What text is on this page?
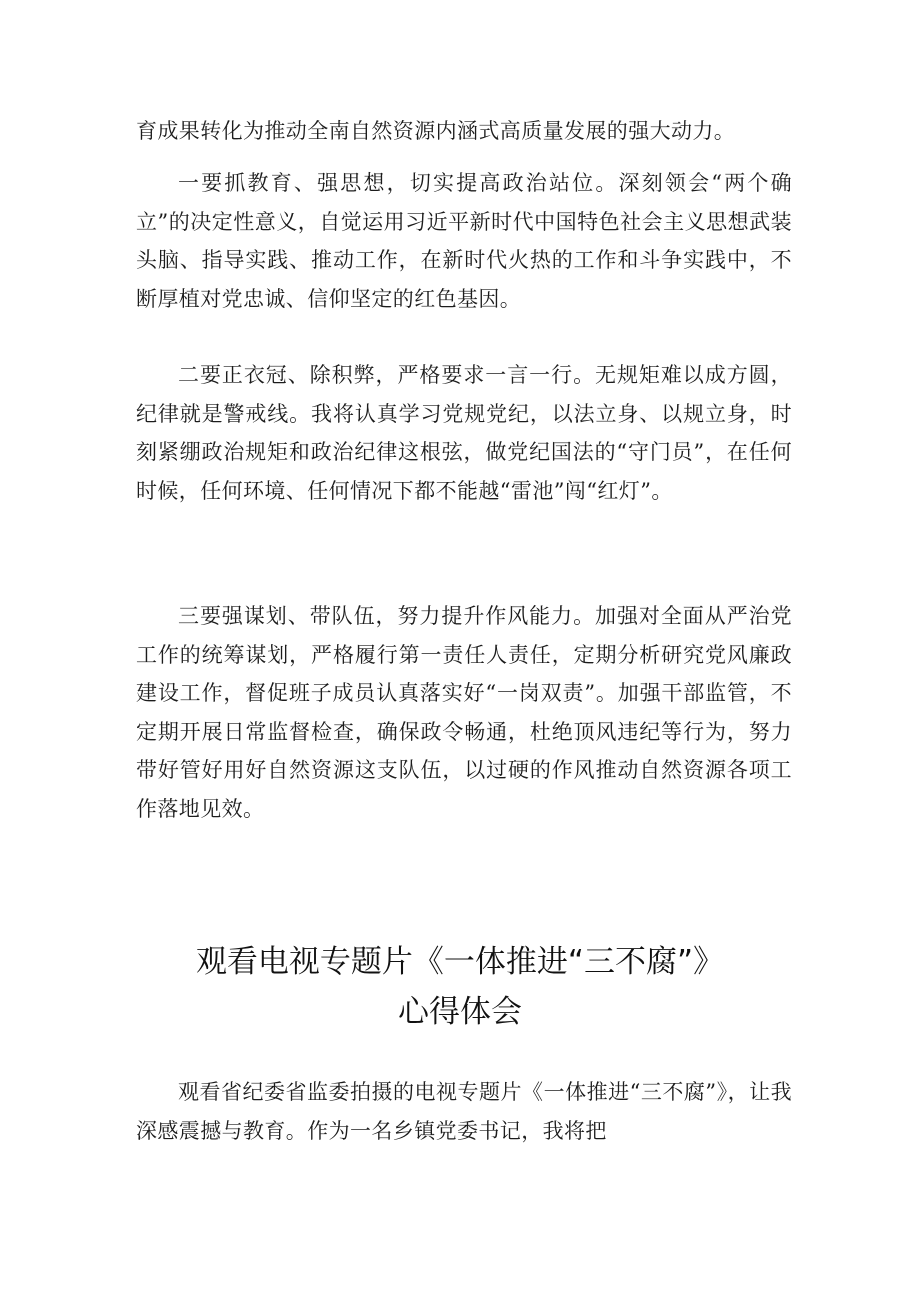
育成果转化为推动全南自然资源内涵式高质量发展的强大动力。

一要抓教育、强思想，切实提高政治站位。深刻领会“两个确立”的决定性意义，自觉运用习近平新时代中国特色社会主义思想武装头脑、指导实践、推动工作，在新时代火热的工作和斗争实践中，不断厚植对党忠诚、信仰坚定的红色基因。

二要正衣冠、除积弊，严格要求一言一行。无规矩难以成方圆，纪律就是警戒线。我将认真学习党规党纪，以法立身、以规立身，时刻紧绷政治规矩和政治纪律这根弦，做党纪国法的“守门员”，在任何时候，任何环境、任何情况下都不能越“雷池”闯“红灯”。

三要强谋划、带队伍，努力提升作风能力。加强对全面从严治党工作的统筹谋划，严格履行第一责任人责任，定期分析研究党风廉政建设工作，督促班子成员认真落实好“一岗双责”。加强干部监管，不定期开展日常监督检查，确保政令畅通，杜绝顶风违纪等行为，努力带好管好用好自然资源这支队伍，以过硬的作风推动自然资源各项工作落地见效。

观看电视专题片《一体推进“三不腐”》
心得体会

观看省纪委省监委拍摄的电视专题片《一体推进“三不腐”》，让我深感震撼与教育。作为一名乡镇党委书记，我将把
